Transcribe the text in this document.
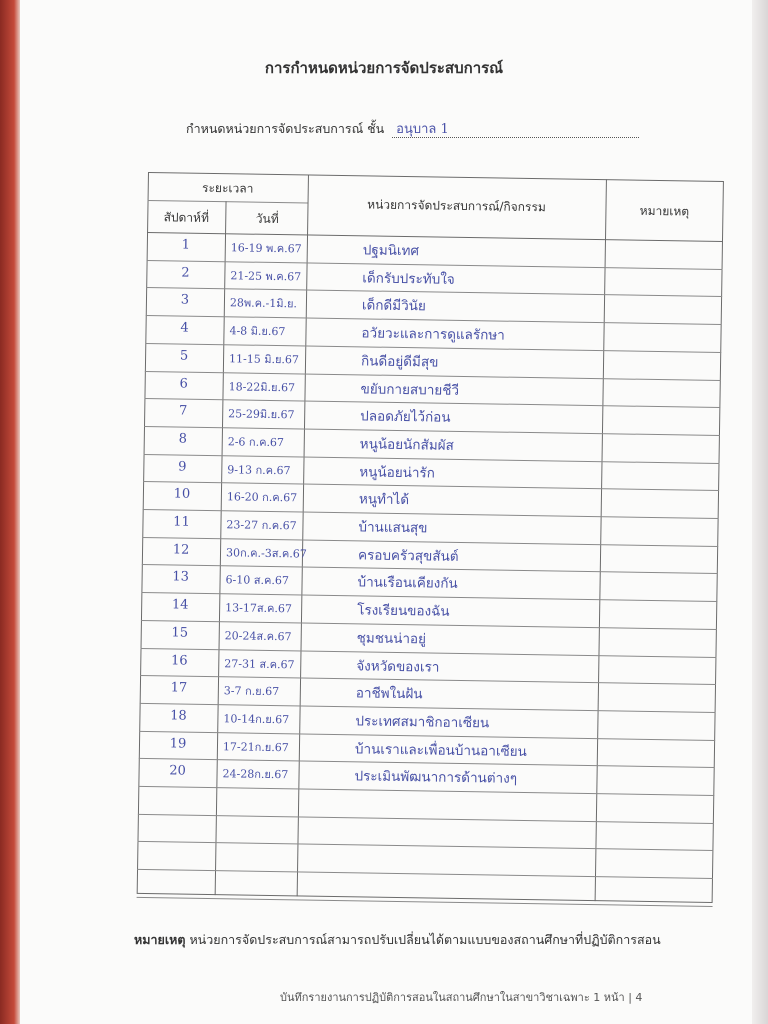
การกำหนดหน่วยการจัดประสบการณ์
กำหนดหน่วยการจัดประสบการณ์ ชั้น อนุบาล 1
ระยะเวลา
สัปดาห์ที่	วันที่
หน่วยการจัดประสบการณ์/กิจกรรม	หมายเหตุ
1	16-19 พ.ค.67	ปฐมนิเทศ
2	21-25 พ.ค.67	เด็กรับประทับใจ
3	28พ.ค.-1มิ.ย.	เด็กดีมีวินัย
4	4-8 มิ.ย.67	อวัยวะและการดูแลรักษา
5	11-15 มิ.ย.67	กินดีอยู่ดีมีสุข
6	18-22มิ.ย.67	ขยับกายสบายชีวี
7	25-29มิ.ย.67	ปลอดภัยไว้ก่อน
8	2-6 ก.ค.67	หนูน้อยนักสัมผัส
9	9-13 ก.ค.67	หนูน้อยน่ารัก
10	16-20 ก.ค.67	หนูทำได้
11	23-27 ก.ค.67	บ้านแสนสุข
12	30ก.ค.-3ส.ค.67	ครอบครัวสุขสันต์
13	6-10 ส.ค.67	บ้านเรือนเคียงกัน
14	13-17ส.ค.67	โรงเรียนของฉัน
15	20-24ส.ค.67	ชุมชนน่าอยู่
16	27-31 ส.ค.67	จังหวัดของเรา
17	3-7 ก.ย.67	อาชีพในฝัน
18	10-14ก.ย.67	ประเทศสมาชิกอาเซียน
19	17-21ก.ย.67	บ้านเราและเพื่อนบ้านอาเซียน
20	24-28ก.ย.67	ประเมินพัฒนาการด้านต่างๆ
หมายเหตุ หน่วยการจัดประสบการณ์สามารถปรับเปลี่ยนได้ตามแบบของสถานศึกษาที่ปฏิบัติการสอน
บันทึกรายงานการปฏิบัติการสอนในสถานศึกษาในสาขาวิชาเฉพาะ 1 หน้า | 4
